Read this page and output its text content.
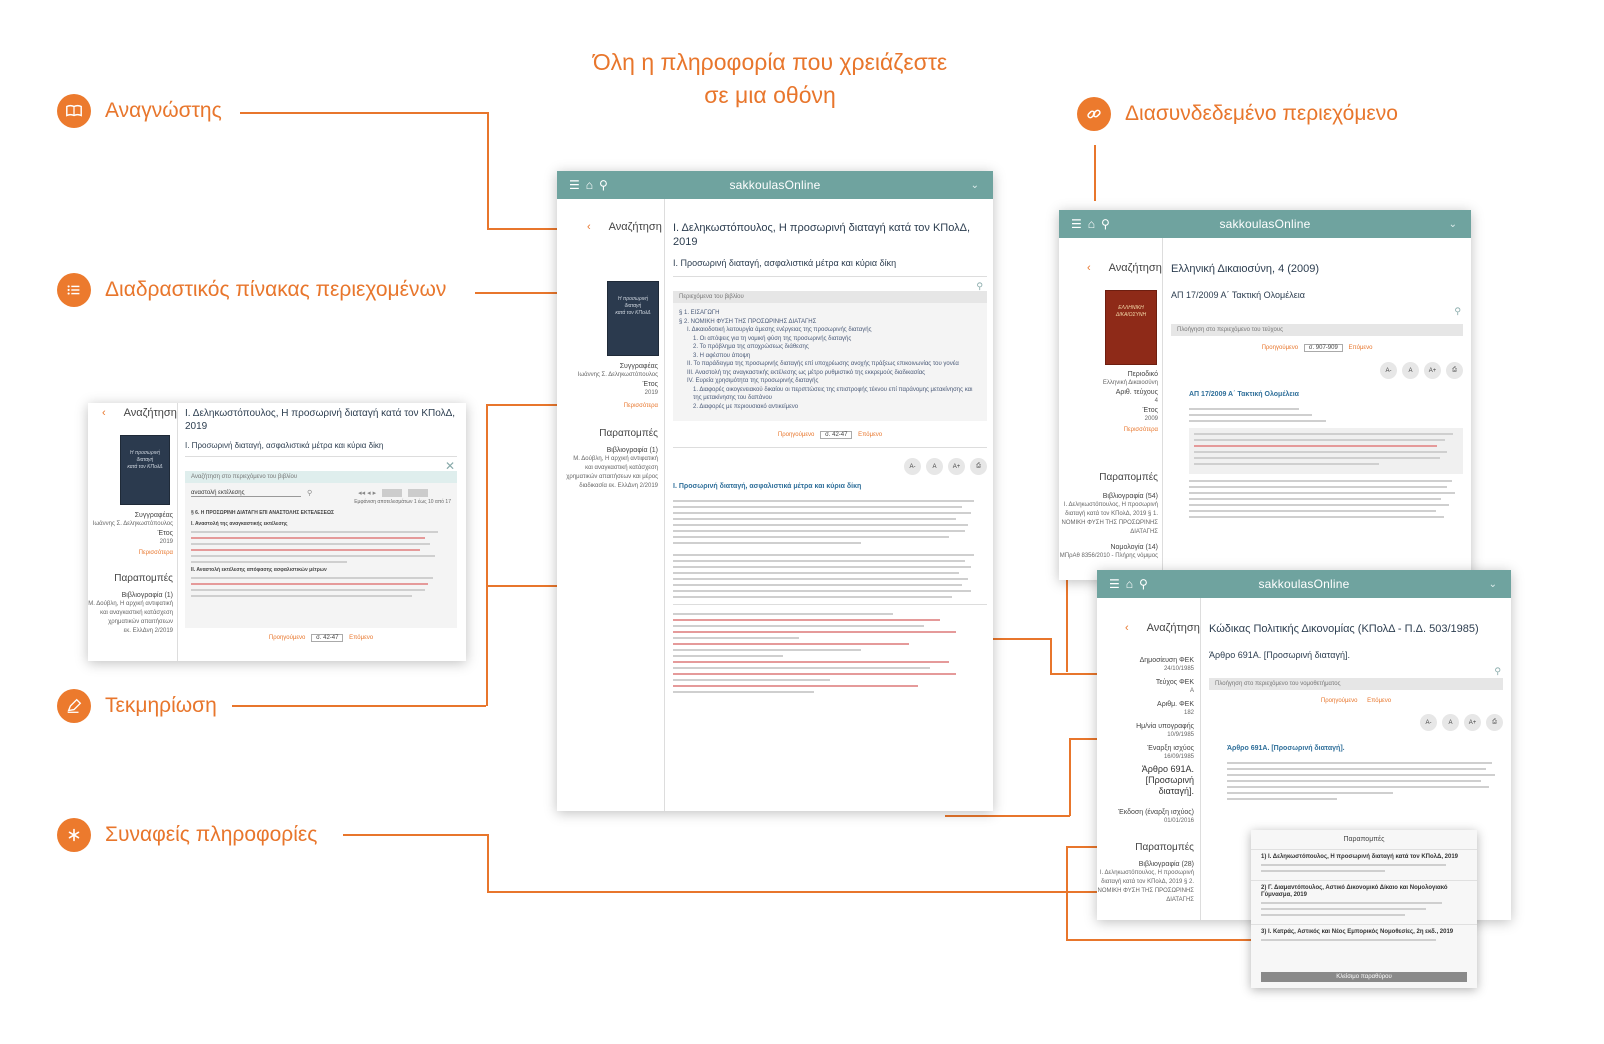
Όλη η πληροφορία που χρειάζεστε
σε μια οθόνη
Αναγνώστης
Διαδραστικός πίνακας περιεχομένων
Τεκμηρίωση
Συναφείς πληροφορίες
Διασυνδεδεμένο περιεχόμενο
☰ ⌂ ⚲	sakkoulasOnline	⌄
‹ Αναζήτηση
Η προσωρινή
διαταγή
κατά τον ΚΠολΔ
Συγγραφέας
Ιωάννης Σ. Δεληκωστόπουλος
Έτος
2019
Περισσότερα
Παραπομπές
Βιβλιογραφία (1)
Μ. Δούβλη, Η αρχική αντιφατική
και αναγκαστική κατάσχεση
χρηματικών απαιτήσεων και μέρος
διαδικασία εκ. ΕλλΔνη 2/2019
Ι. Δεληκωστόπουλος, Η προσωρινή διαταγή κατά τον ΚΠολΔ, 2019
Ι. Προσωρινή διαταγή, ασφαλιστικά μέτρα και κύρια δίκη
⚲
Περιεχόμενα του βιβλίου
§ 1. ΕΙΣΑΓΩΓΗ
§ 2. ΝΟΜΙΚΗ ΦΥΣΗ ΤΗΣ ΠΡΟΣΩΡΙΝΗΣ ΔΙΑΤΑΓΗΣ
Ι. Δικαιοδοτική λειτουργία άμεσης ενέργειας της προσωρινής διαταγής
1. Οι απόψεις για τη νομική φύση της προσωρινής διαταγής
2. Το πρόβλημα της αποχρώσεως διάθεσης
3. Η αφέσπου άποψη
ΙΙ. Το παράδειγμα της προσωρινής διαταγής επί υποχρέωσης ανοχής πράξεως επικοινωνίας του γονέα
ΙΙΙ. Αναστολή της αναγκαστικής εκτέλεσης ως μέτρο ρυθμιστικό της εκκρεμούς διαδικασίας
IV. Ευρεία χρησιμότητα της προσωρινής διαταγής
1. Διαφορές οικογενειακού δικαίου οι περιπτώσεις της επιστροφής τέκνου επί παράνομης μετακίνησης και της μετακίνησης του δαπάνου
2. Διαφορές με περιουσιακό αντικείμενο
Προηγούμενο σ. 42-47 Επόμενο
A-	A	A+	⎙
Ι. Προσωρινή διαταγή, ασφαλιστικά μέτρα και κύρια δίκη
‹ Αναζήτηση
Η προσωρινή
διαταγή
κατά τον ΚΠολΔ
Συγγραφέας
Ιωάννης Σ. Δεληκωστόπουλος
Έτος
2019
Περισσότερα
Παραπομπές
Βιβλιογραφία (1)
Μ. Δούβλη, Η αρχική αντιφατική
και αναγκαστική κατάσχεση
χρηματικών απαιτήσεων
εκ. ΕλλΔνη 2/2019
Ι. Δεληκωστόπουλος, Η προσωρινή διαταγή κατά τον ΚΠολΔ, 2019
Ι. Προσωρινή διαταγή, ασφαλιστικά μέτρα και κύρια δίκη
✕
Αναζήτηση στο περιεχόμενο του βιβλίου
αναστολή εκτέλεσης	⚲	◂◂ ◂ ▸
Εμφάνιση αποτελεσμάτων 1 έως 10 από 17
§ 6. Η ΠΡΟΣΩΡΙΝΗ ΔΙΑΤΑΓΗ ΕΠΙ ΑΝΑΣΤΟΛΗΣ ΕΚΤΕΛΕΣΕΩΣ
Ι. Αναστολή της αναγκαστικής εκτέλεσης
ΙΙ. Αναστολή εκτέλεσης απόφασης ασφαλιστικών μέτρων
Προηγούμενο σ. 42-47 Επόμενο
☰ ⌂ ⚲	sakkoulasOnline	⌄
‹ Αναζήτηση
ΕΛΛΗΝΙΚΗ
ΔΙΚΑΙΟΣΥΝΗ
Περιοδικό
Ελληνική Δικαιοσύνη
Αριθ. τεύχους
4
Έτος
2009
Περισσότερα
Παραπομπές
Βιβλιογραφία (54)
Ι. Δεληκωστόπουλος, Η προσωρινή
διαταγή κατά τον ΚΠολΔ, 2019 § 1.
ΝΟΜΙΚΗ ΦΥΣΗ ΤΗΣ ΠΡΟΣΩΡΙΝΗΣ
ΔΙΑΤΑΓΗΣ
Νομολογία (14)
ΜΠρΑθ 8356/2010 - Πλήρης νόμιμος
Ελληνική Δικαιοσύνη, 4 (2009)
ΑΠ 17/2009 Α΄ Τακτική Ολομέλεια
⚲
Πλοήγηση στο περιεχόμενο του τεύχους
Προηγούμενο σ. 907-909 Επόμενο
A-	A	A+	⎙
ΑΠ 17/2009 Α΄ Τακτική Ολομέλεια
☰ ⌂ ⚲	sakkoulasOnline	⌄
‹ Αναζήτηση
Δημοσίευση ΦΕΚ
24/10/1985
Τεύχος ΦΕΚ
Α
Αριθμ. ΦΕΚ
182
Ημ/νία υπογραφής
10/9/1985
Έναρξη ισχύος
16/09/1985
Άρθρο 691Α. [Προσωρινή διαταγή].
Έκδοση (έναρξη ισχύος)
01/01/2016
Παραπομπές
Βιβλιογραφία (28)
Ι. Δεληκωστόπουλος, Η προσωρινή
διαταγή κατά τον ΚΠολΔ, 2019 § 2.
ΝΟΜΙΚΗ ΦΥΣΗ ΤΗΣ ΠΡΟΣΩΡΙΝΗΣ
ΔΙΑΤΑΓΗΣ
Κώδικας Πολιτικής Δικονομίας (ΚΠολΔ - Π.Δ. 503/1985)
Άρθρο 691Α. [Προσωρινή διαταγή].
⚲
Πλοήγηση στο περιεχόμενο του νομοθετήματος
Προηγούμενο Επόμενο
A-	A	A+	⎙
Άρθρο 691Α. [Προσωρινή διαταγή].
Παραπομπές
1) Ι. Δεληκωστόπουλος, Η προσωρινή διαταγή κατά τον ΚΠολΔ, 2019
2) Γ. Διαμαντόπουλος, Αστικό Δικονομικό Δίκαιο και Νομολογιακό Γύμνασμα, 2019
3) Ι. Κατράς, Αστικός και Νέος Εμπορικός Νομοθεσίες, 2η εκδ., 2019
Κλείσιμο παραθύρου
